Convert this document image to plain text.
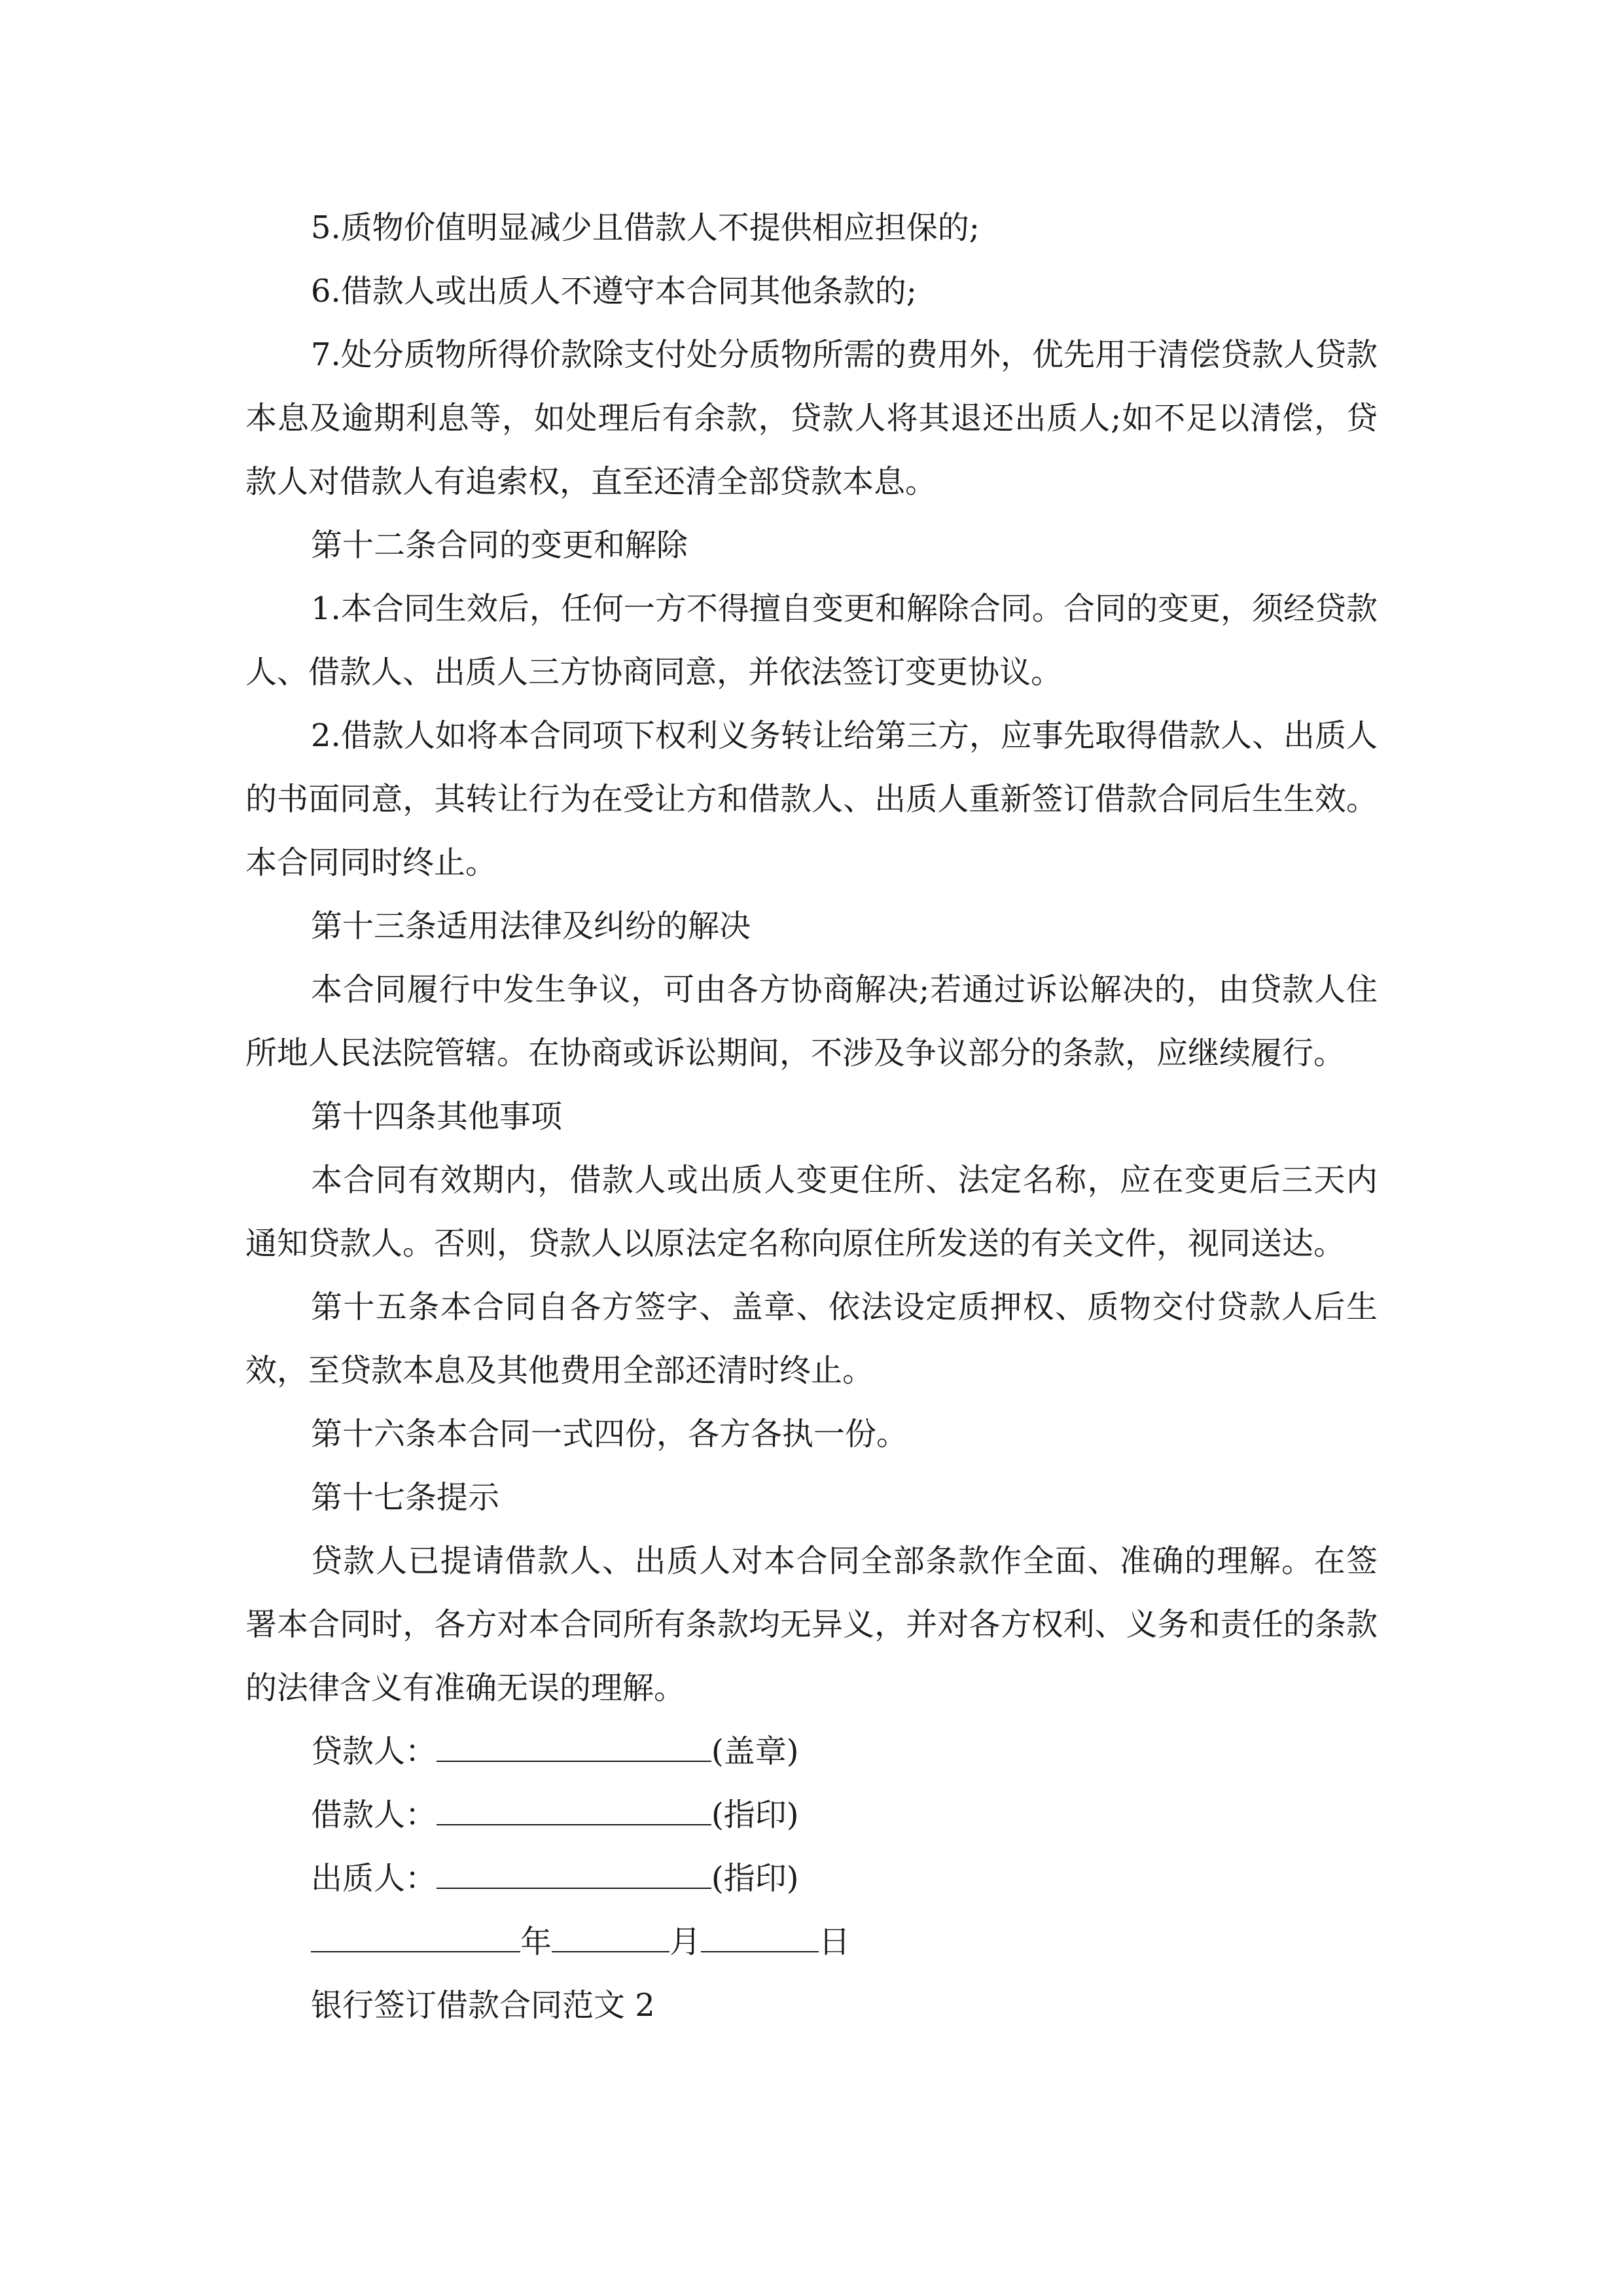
5.质物价值明显减少且借款人不提供相应担保的;

6.借款人或出质人不遵守本合同其他条款的;

7.处分质物所得价款除支付处分质物所需的费用外，优先用于清偿贷款人贷款本息及逾期利息等，如处理后有余款，贷款人将其退还出质人;如不足以清偿，贷款人对借款人有追索权，直至还清全部贷款本息。

第十二条合同的变更和解除

1.本合同生效后，任何一方不得擅自变更和解除合同。合同的变更，须经贷款人、借款人、出质人三方协商同意，并依法签订变更协议。

2.借款人如将本合同项下权利义务转让给第三方，应事先取得借款人、出质人的书面同意，其转让行为在受让方和借款人、出质人重新签订借款合同后生生效。本合同同时终止。

第十三条适用法律及纠纷的解决

本合同履行中发生争议，可由各方协商解决;若通过诉讼解决的，由贷款人住所地人民法院管辖。在协商或诉讼期间，不涉及争议部分的条款，应继续履行。

第十四条其他事项

本合同有效期内，借款人或出质人变更住所、法定名称，应在变更后三天内通知贷款人。否则，贷款人以原法定名称向原住所发送的有关文件，视同送达。

第十五条本合同自各方签字、盖章、依法设定质押权、质物交付贷款人后生效，至贷款本息及其他费用全部还清时终止。

第十六条本合同一式四份，各方各执一份。

第十七条提示

贷款人已提请借款人、出质人对本合同全部条款作全面、准确的理解。在签署本合同时，各方对本合同所有条款均无异义，并对各方权利、义务和责任的条款的法律含义有准确无误的理解。

贷款人：	(盖章)

借款人：	(指印)

出质人：	(指印)

年	月	日

银行签订借款合同范文 2
